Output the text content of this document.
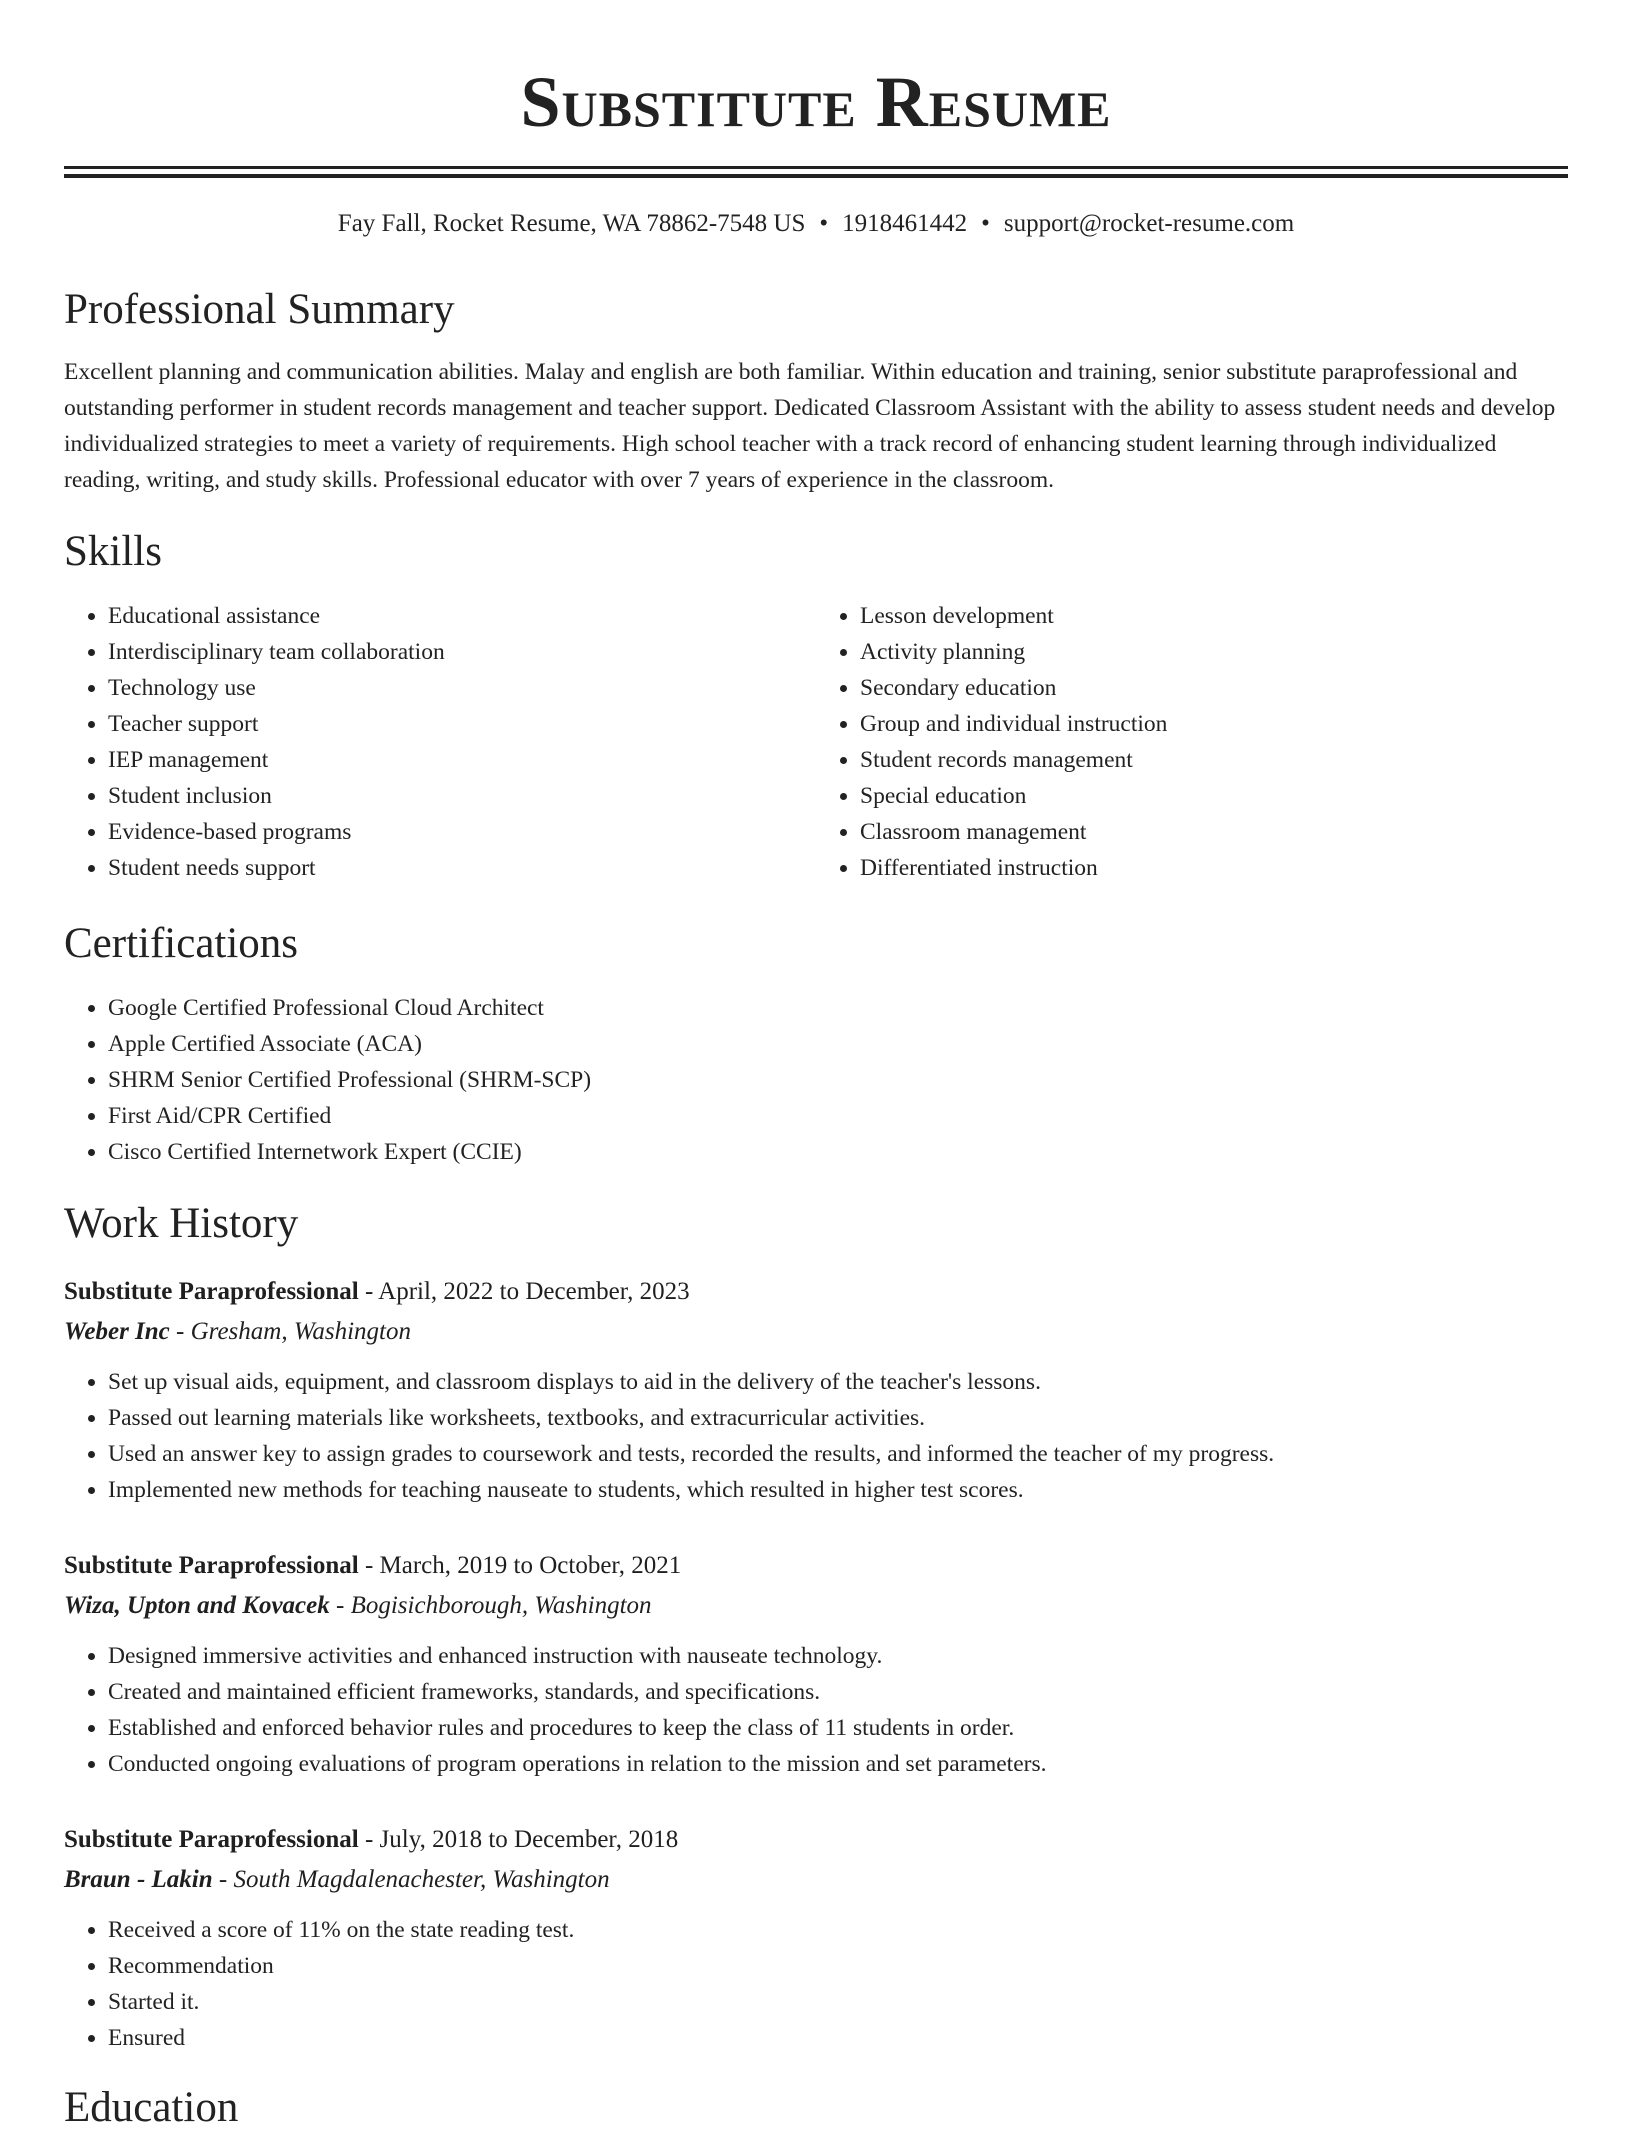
Substitute Resume
Fay Fall, Rocket Resume, WA 78862-7548 US • 1918461442 • support@rocket-resume.com
Professional Summary

Excellent planning and communication abilities. Malay and english are both familiar. Within education and training, senior substitute paraprofessional and outstanding performer in student records management and teacher support. Dedicated Classroom Assistant with the ability to assess student needs and develop individualized strategies to meet a variety of requirements. High school teacher with a track record of enhancing student learning through individualized reading, writing, and study skills. Professional educator with over 7 years of experience in the classroom.

Skills
• Educational assistance
• Interdisciplinary team collaboration
• Technology use
• Teacher support
• IEP management
• Student inclusion
• Evidence-based programs
• Student needs support
• Lesson development
• Activity planning
• Secondary education
• Group and individual instruction
• Student records management
• Special education
• Classroom management
• Differentiated instruction
Certifications
• Google Certified Professional Cloud Architect
• Apple Certified Associate (ACA)
• SHRM Senior Certified Professional (SHRM-SCP)
• First Aid/CPR Certified
• Cisco Certified Internetwork Expert (CCIE)
Work History
Substitute Paraprofessional - April, 2022 to December, 2023
Weber Inc - Gresham, Washington
• Set up visual aids, equipment, and classroom displays to aid in the delivery of the teacher's lessons.
• Passed out learning materials like worksheets, textbooks, and extracurricular activities.
• Used an answer key to assign grades to coursework and tests, recorded the results, and informed the teacher of my progress.
• Implemented new methods for teaching nauseate to students, which resulted in higher test scores.
Substitute Paraprofessional - March, 2019 to October, 2021
Wiza, Upton and Kovacek - Bogisichborough, Washington
• Designed immersive activities and enhanced instruction with nauseate technology.
• Created and maintained efficient frameworks, standards, and specifications.
• Established and enforced behavior rules and procedures to keep the class of 11 students in order.
• Conducted ongoing evaluations of program operations in relation to the mission and set parameters.
Substitute Paraprofessional - July, 2018 to December, 2018
Braun - Lakin - South Magdalenachester, Washington
• Received a score of 11% on the state reading test.
• Recommendation
• Started it.
• Ensured
Education
